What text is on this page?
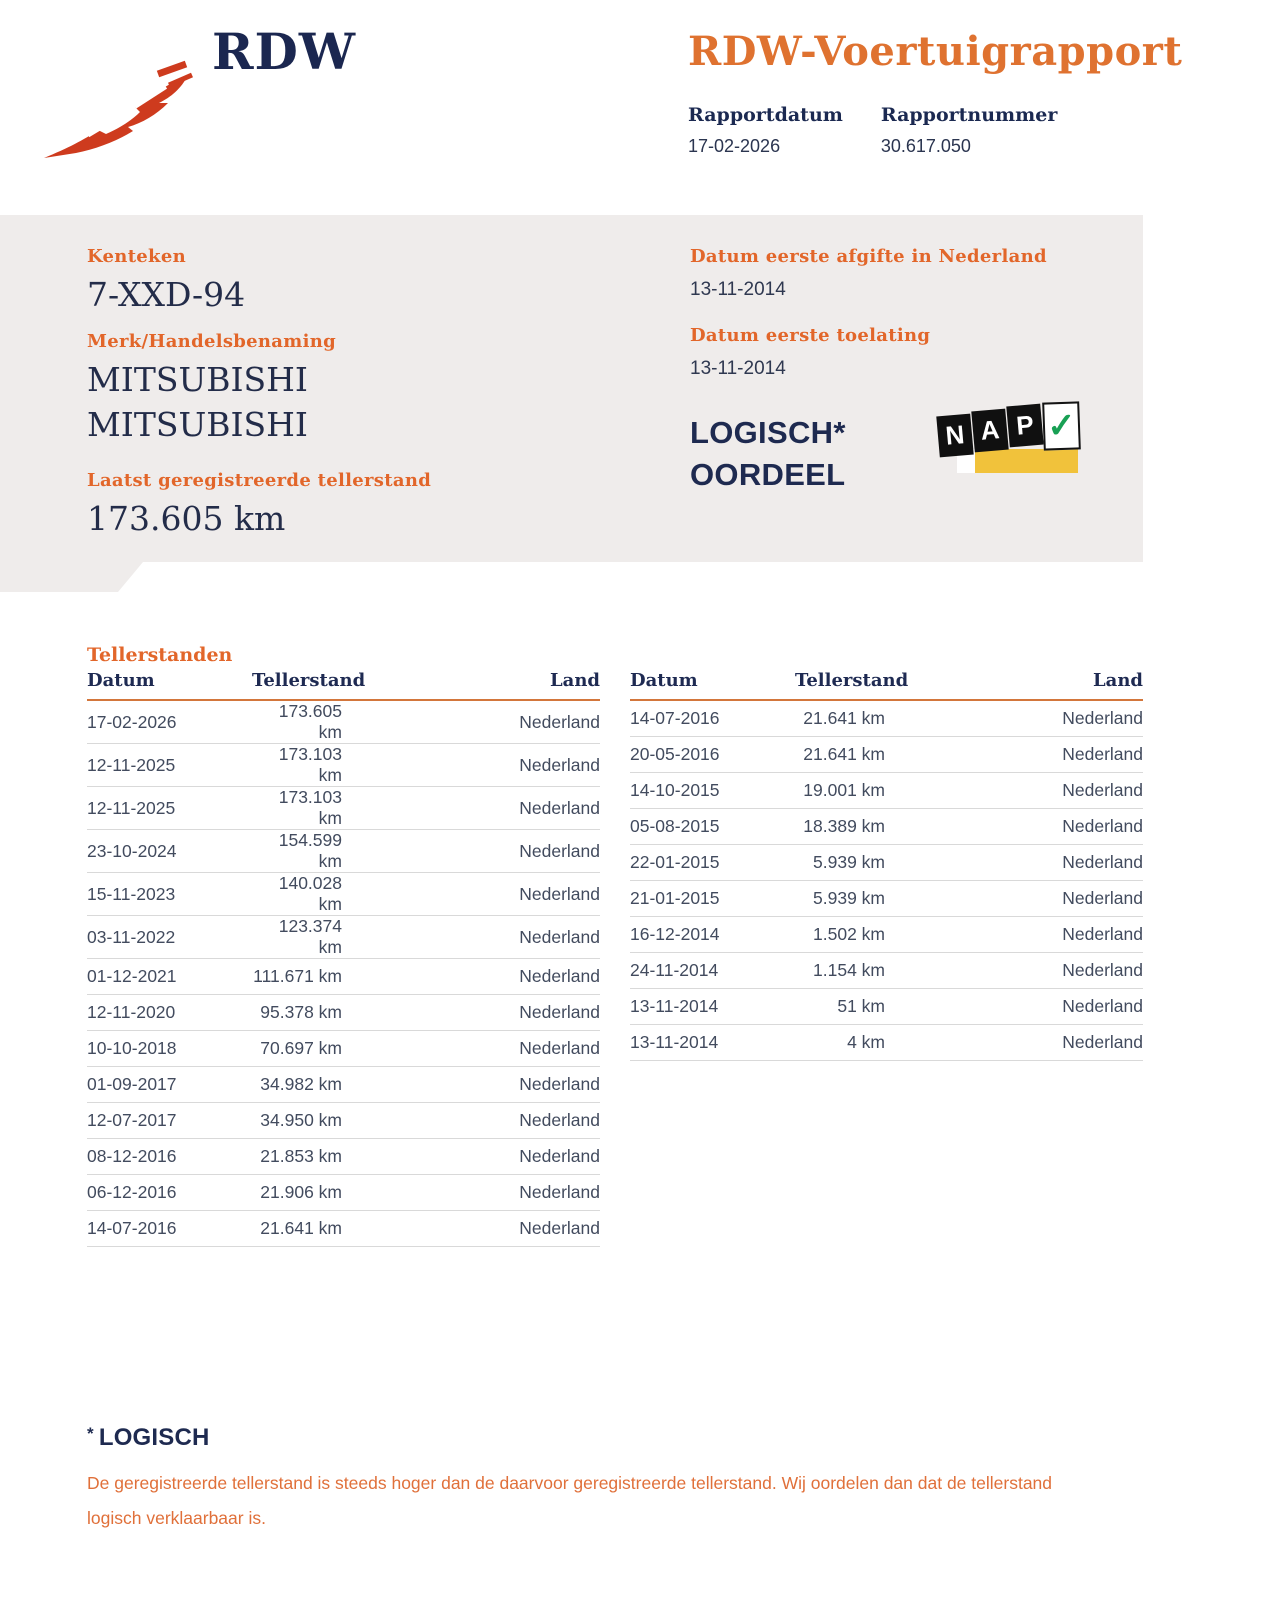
RDW	RDW-Voertuigrapport
Rapportdatum
17-02-2026
Rapportnummer
30.617.050
Kenteken
7-XXD-94
Merk/Handelsbenaming
MITSUBISHI
MITSUBISHI
Laatst geregistreerde tellerstand
173.605 km
Datum eerste afgifte in Nederland
13-11-2014
Datum eerste toelating
13-11-2014
LOGISCH*
OORDEEL
N A P ✓
Tellerstanden
Datum	Tellerstand	Land
17-02-2026	173.605 km	Nederland
12-11-2025	173.103 km	Nederland
12-11-2025	173.103 km	Nederland
23-10-2024	154.599 km	Nederland
15-11-2023	140.028 km	Nederland
03-11-2022	123.374 km	Nederland
01-12-2021	111.671 km	Nederland
12-11-2020	95.378 km	Nederland
10-10-2018	70.697 km	Nederland
01-09-2017	34.982 km	Nederland
12-07-2017	34.950 km	Nederland
08-12-2016	21.853 km	Nederland
06-12-2016	21.906 km	Nederland
14-07-2016	21.641 km	Nederland
Datum	Tellerstand	Land
14-07-2016	21.641 km	Nederland
20-05-2016	21.641 km	Nederland
14-10-2015	19.001 km	Nederland
05-08-2015	18.389 km	Nederland
22-01-2015	5.939 km	Nederland
21-01-2015	5.939 km	Nederland
16-12-2014	1.502 km	Nederland
24-11-2014	1.154 km	Nederland
13-11-2014	51 km	Nederland
13-11-2014	4 km	Nederland
* LOGISCH

De geregistreerde tellerstand is steeds hoger dan de daarvoor geregistreerde tellerstand. Wij oordelen dan dat de tellerstand logisch verklaarbaar is.
